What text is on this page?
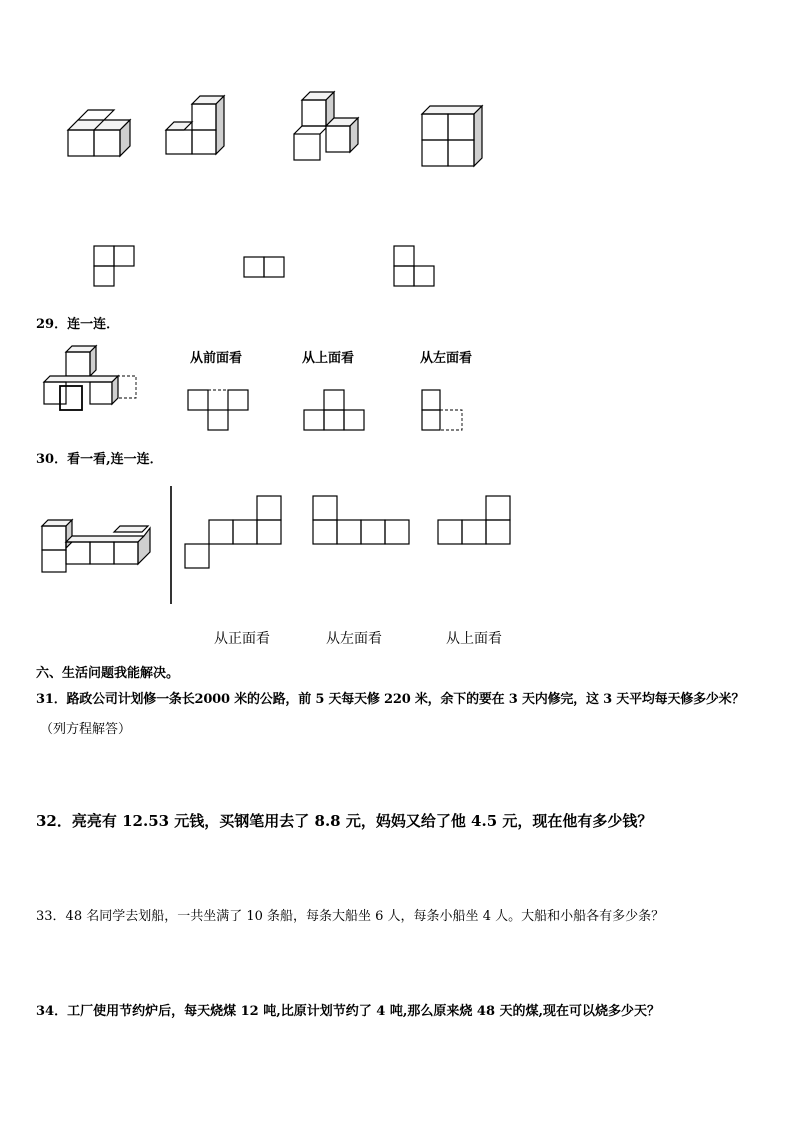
29．连一连．
从前面看	从上面看	从左面看
30．看一看,连一连．
从正面看	从左面看	从上面看
六、生活问题我能解决。
31．路政公司计划修一条长2000 米的公路，前 5 天每天修 220 米，余下的要在 3 天内修完，这 3 天平均每天修多少米？
（列方程解答）
32．亮亮有 12.53 元钱，买钢笔用去了 8.8 元，妈妈又给了他 4.5 元，现在他有多少钱？
33．48 名同学去划船，一共坐满了 10 条船，每条大船坐 6 人，每条小船坐 4 人。大船和小船各有多少条？
34．工厂使用节约炉后，每天烧煤 12 吨,比原计划节约了 4 吨,那么原来烧 48 天的煤,现在可以烧多少天？
